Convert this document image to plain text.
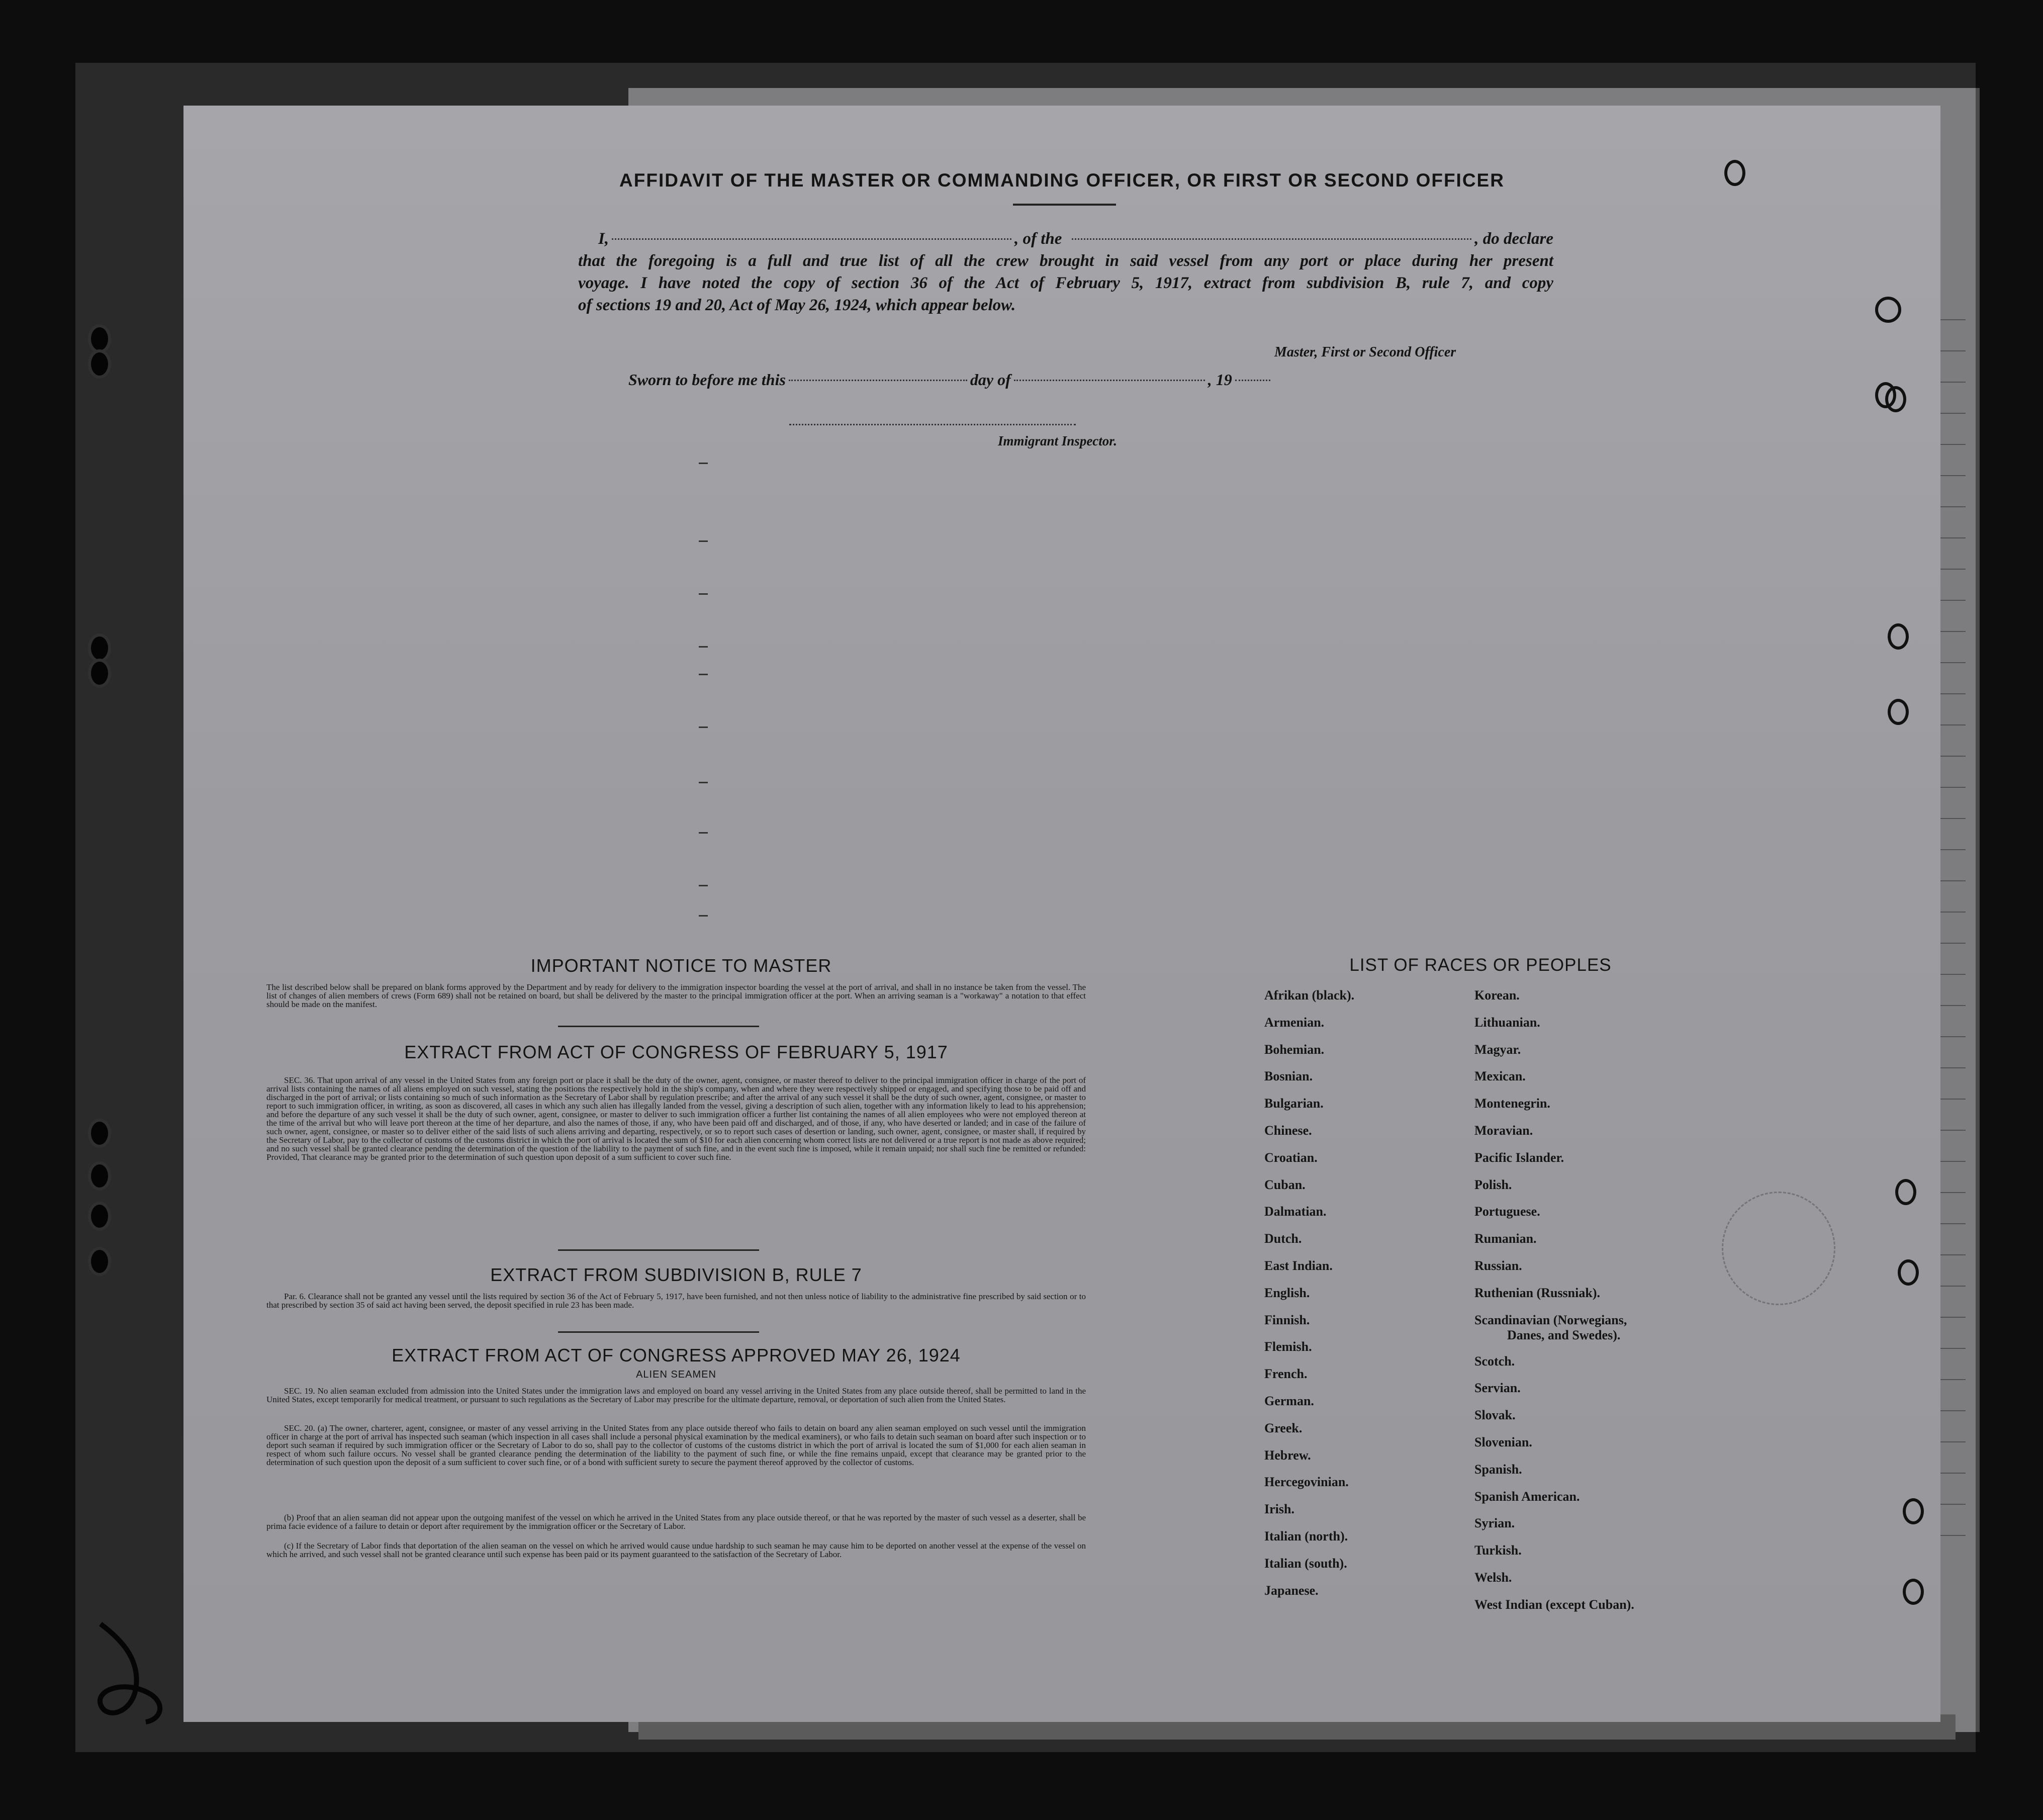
AFFIDAVIT OF THE MASTER OR COMMANDING OFFICER, OR FIRST OR SECOND OFFICER
I,	, of the	, do declare
that the foregoing is a full and true list of all the crew brought in said vessel from any port or place during her present
voyage. I have noted the copy of section 36 of the Act of February 5, 1917, extract from subdivision B, rule 7, and copy
of sections 19 and 20, Act of May 26, 1924, which appear below.
Master, First or Second Officer
Sworn to before me this	day of	, 19
Immigrant Inspector.
IMPORTANT NOTICE TO MASTER
The list described below shall be prepared on blank forms approved by the Department and by ready for delivery to the immigration inspector boarding the vessel at the port of arrival, and shall in no instance be taken from the vessel. The list of changes of alien members of crews (Form 689) shall not be retained on board, but shall be delivered by the master to the principal immigration officer at the port. When an arriving seaman is a "workaway" a notation to that effect should be made on the manifest.
EXTRACT FROM ACT OF CONGRESS OF FEBRUARY 5, 1917
SEC. 36. That upon arrival of any vessel in the United States from any foreign port or place it shall be the duty of the owner, agent, consignee, or master thereof to deliver to the principal immigration officer in charge of the port of arrival lists containing the names of all aliens employed on such vessel, stating the positions the respectively hold in the ship's company, when and where they were respectively shipped or engaged, and specifying those to be paid off and discharged in the port of arrival; or lists containing so much of such information as the Secretary of Labor shall by regulation prescribe; and after the arrival of any such vessel it shall be the duty of such owner, agent, consignee, or master to report to such immigration officer, in writing, as soon as discovered, all cases in which any such alien has illegally landed from the vessel, giving a description of such alien, together with any information likely to lead to his apprehension; and before the departure of any such vessel it shall be the duty of such owner, agent, consignee, or master to deliver to such immigration officer a further list containing the names of all alien employees who were not employed thereon at the time of the arrival but who will leave port thereon at the time of her departure, and also the names of those, if any, who have been paid off and discharged, and of those, if any, who have deserted or landed; and in case of the failure of such owner, agent, consignee, or master so to deliver either of the said lists of such aliens arriving and departing, respectively, or so to report such cases of desertion or landing, such owner, agent, consignee, or master shall, if required by the Secretary of Labor, pay to the collector of customs of the customs district in which the port of arrival is located the sum of $10 for each alien concerning whom correct lists are not delivered or a true report is not made as above required; and no such vessel shall be granted clearance pending the determination of the question of the liability to the payment of such fine, and in the event such fine is imposed, while it remain unpaid; nor shall such fine be remitted or refunded: Provided, That clearance may be granted prior to the determination of such question upon deposit of a sum sufficient to cover such fine.
EXTRACT FROM SUBDIVISION B, RULE 7
Par. 6. Clearance shall not be granted any vessel until the lists required by section 36 of the Act of February 5, 1917, have been furnished, and not then unless notice of liability to the administrative fine prescribed by said section or to that prescribed by section 35 of said act having been served, the deposit specified in rule 23 has been made.
EXTRACT FROM ACT OF CONGRESS APPROVED MAY 26, 1924
ALIEN SEAMEN
SEC. 19. No alien seaman excluded from admission into the United States under the immigration laws and employed on board any vessel arriving in the United States from any place outside thereof, shall be permitted to land in the United States, except temporarily for medical treatment, or pursuant to such regulations as the Secretary of Labor may prescribe for the ultimate departure, removal, or deportation of such alien from the United States.
SEC. 20. (a) The owner, charterer, agent, consignee, or master of any vessel arriving in the United States from any place outside thereof who fails to detain on board any alien seaman employed on such vessel until the immigration officer in charge at the port of arrival has inspected such seaman (which inspection in all cases shall include a personal physical examination by the medical examiners), or who fails to detain such seaman on board after such inspection or to deport such seaman if required by such immigration officer or the Secretary of Labor to do so, shall pay to the collector of customs of the customs district in which the port of arrival is located the sum of $1,000 for each alien seaman in respect of whom such failure occurs. No vessel shall be granted clearance pending the determination of the liability to the payment of such fine, or while the fine remains unpaid, except that clearance may be granted prior to the determination of such question upon the deposit of a sum sufficient to cover such fine, or of a bond with sufficient surety to secure the payment thereof approved by the collector of customs.
(b) Proof that an alien seaman did not appear upon the outgoing manifest of the vessel on which he arrived in the United States from any place outside thereof, or that he was reported by the master of such vessel as a deserter, shall be prima facie evidence of a failure to detain or deport after requirement by the immigration officer or the Secretary of Labor.
(c) If the Secretary of Labor finds that deportation of the alien seaman on the vessel on which he arrived would cause undue hardship to such seaman he may cause him to be deported on another vessel at the expense of the vessel on which he arrived, and such vessel shall not be granted clearance until such expense has been paid or its payment guaranteed to the satisfaction of the Secretary of Labor.
LIST OF RACES OR PEOPLES
Afrikan (black).
Armenian.
Bohemian.
Bosnian.
Bulgarian.
Chinese.
Croatian.
Cuban.
Dalmatian.
Dutch.
East Indian.
English.
Finnish.
Flemish.
French.
German.
Greek.
Hebrew.
Hercegovinian.
Irish.
Italian (north).
Italian (south).
Japanese.
Korean.
Lithuanian.
Magyar.
Mexican.
Montenegrin.
Moravian.
Pacific Islander.
Polish.
Portuguese.
Rumanian.
Russian.
Ruthenian (Russniak).
Scandinavian (Norwegians,
Danes, and Swedes).
Scotch.
Servian.
Slovak.
Slovenian.
Spanish.
Spanish American.
Syrian.
Turkish.
Welsh.
West Indian (except Cuban).
